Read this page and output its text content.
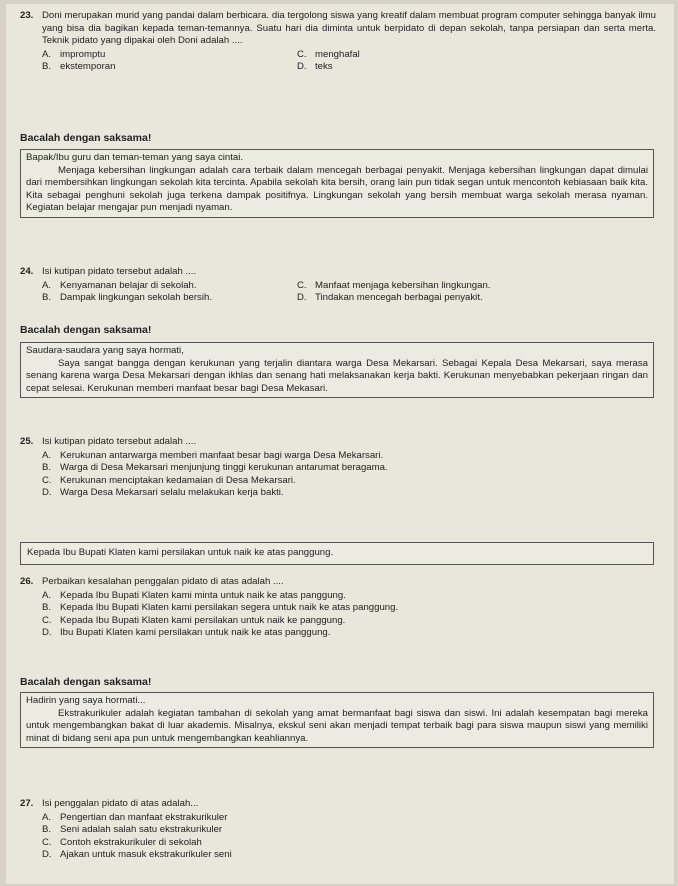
23. Doni merupakan murid yang pandai dalam berbicara. dia tergolong siswa yang kreatif dalam membuat program computer sehingga banyak ilmu yang bisa dia bagikan kepada teman-temannya. Suatu hari dia diminta untuk berpidato di depan sekolah, tanpa persiapan dan serta merta. Teknik pidato yang dipakai oleh Doni adalah ....
A. impromptu	C. menghafal
B. ekstemporan	D. teks
Bacalah dengan saksama!
Bapak/Ibu guru dan teman-teman yang saya cintai.
Menjaga kebersihan lingkungan adalah cara terbaik dalam mencegah berbagai penyakit. Menjaga kebersihan lingkungan dapat dimulai dari membersihkan lingkungan sekolah kita tercinta. Apabila sekolah kita bersih, orang lain pun tidak segan untuk mencontoh kebiasaan baik kita. Kita sebagai penghuni sekolah juga terkena dampak positifnya. Lingkungan sekolah yang bersih membuat warga sekolah merasa nyaman. Kegiatan belajar mengajar pun menjadi nyaman.
24. Isi kutipan pidato tersebut adalah ....
A. Kenyamanan belajar di sekolah.	C. Manfaat menjaga kebersihan lingkungan.
B. Dampak lingkungan sekolah bersih.	D. Tindakan mencegah berbagai penyakit.
Bacalah dengan saksama!
Saudara-saudara yang saya hormati,
Saya sangat bangga dengan kerukunan yang terjalin diantara warga Desa Mekarsari. Sebagai Kepala Desa Mekarsari, saya merasa senang karena warga Desa Mekarsari dengan ikhlas dan senang hati melaksanakan kerja bakti. Kerukunan menyebabkan pekerjaan ringan dan cepat selesai. Kerukunan memberi manfaat besar bagi Desa Mekasari.
25. Isi kutipan pidato tersebut adalah ....
A. Kerukunan antarwarga memberi manfaat besar bagi warga Desa Mekarsari.
B. Warga di Desa Mekarsari menjunjung tinggi kerukunan antarumat beragama.
C. Kerukunan menciptakan kedamaian di Desa Mekarsari.
D. Warga Desa Mekarsari selalu melakukan kerja bakti.
Kepada Ibu Bupati Klaten kami persilakan untuk naik ke atas panggung.
26. Perbaikan kesalahan penggalan pidato di atas adalah ....
A. Kepada Ibu Bupati Klaten kami minta untuk naik ke atas panggung.
B. Kepada Ibu Bupati Klaten kami persilakan segera untuk naik ke atas panggung.
C. Kepada Ibu Bupati Klaten kami persilakan untuk naik ke panggung.
D. Ibu Bupati Klaten kami persilakan untuk naik ke atas panggung.
Bacalah dengan saksama!
Hadirin yang saya hormati...
Ekstrakurikuler adalah kegiatan tambahan di sekolah yang amat bermanfaat bagi siswa dan siswi. Ini adalah kesempatan bagi mereka untuk mengembangkan bakat di luar akademis. Misalnya, ekskul seni akan menjadi tempat terbaik bagi para siswa maupun siswi yang memiliki minat di bidang seni apa pun untuk mengembangkan keahliannya.
27. Isi penggalan pidato di atas adalah...
A. Pengertian dan manfaat ekstrakurikuler
B. Seni adalah salah satu ekstrakurikuler
C. Contoh ekstrakurikuler di sekolah
D. Ajakan untuk masuk ekstrakurikuler seni
